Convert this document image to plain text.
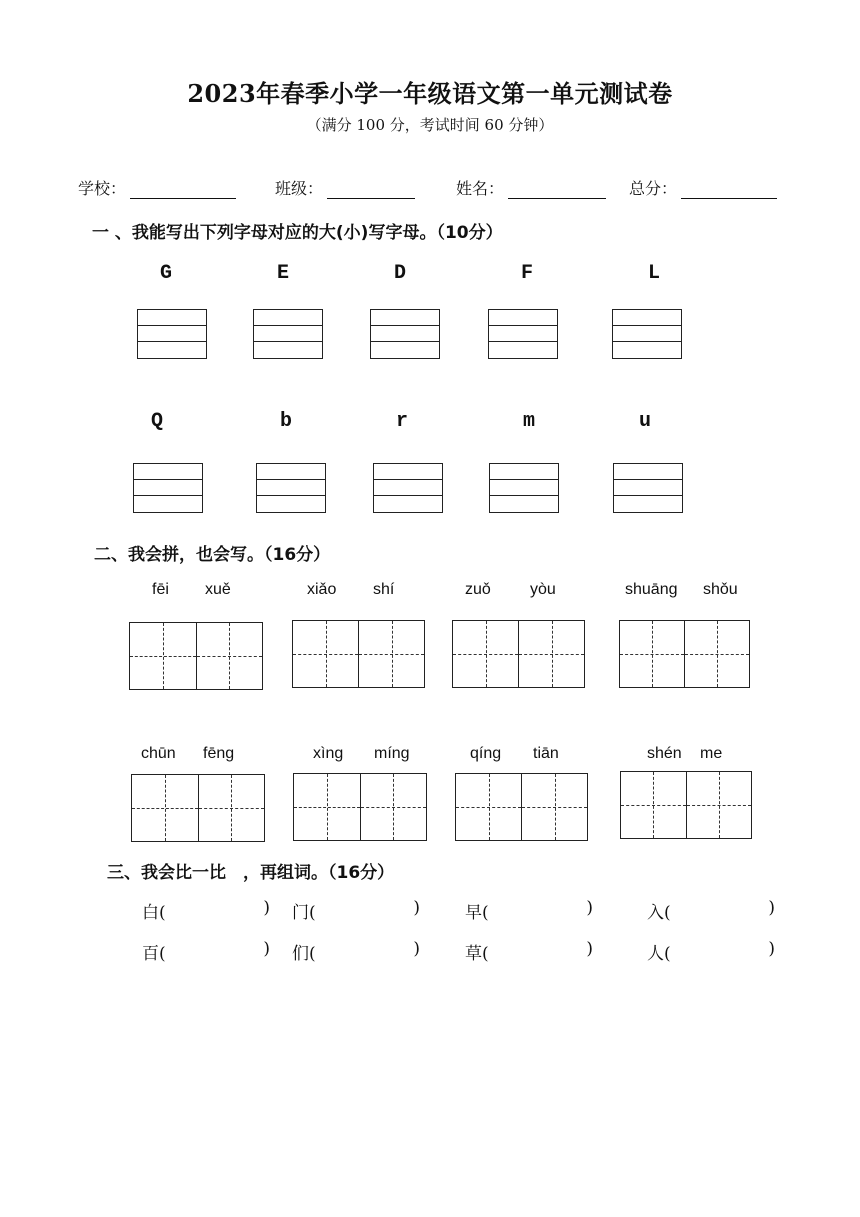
2023年春季小学一年级语文第一单元测试卷
（满分 100 分，考试时间 60 分钟）
学校：	班级：	姓名：	总分：
一 、我能写出下列字母对应的大(小)写字母。（10分）
G	E	D	F	L
Q	b	r	m	u
二、我会拼，也会写。（16分）
fēi xuě	xiǎo shí	zuǒ yòu	shuāng shǒu
chūn fēng	xìng míng	qíng tiān	shén me
三、我会比一比　，再组词。（16分）
白(	) 门(	)	早(	)	入(	)
百(	) 们(	)	草(	)	人(	)
